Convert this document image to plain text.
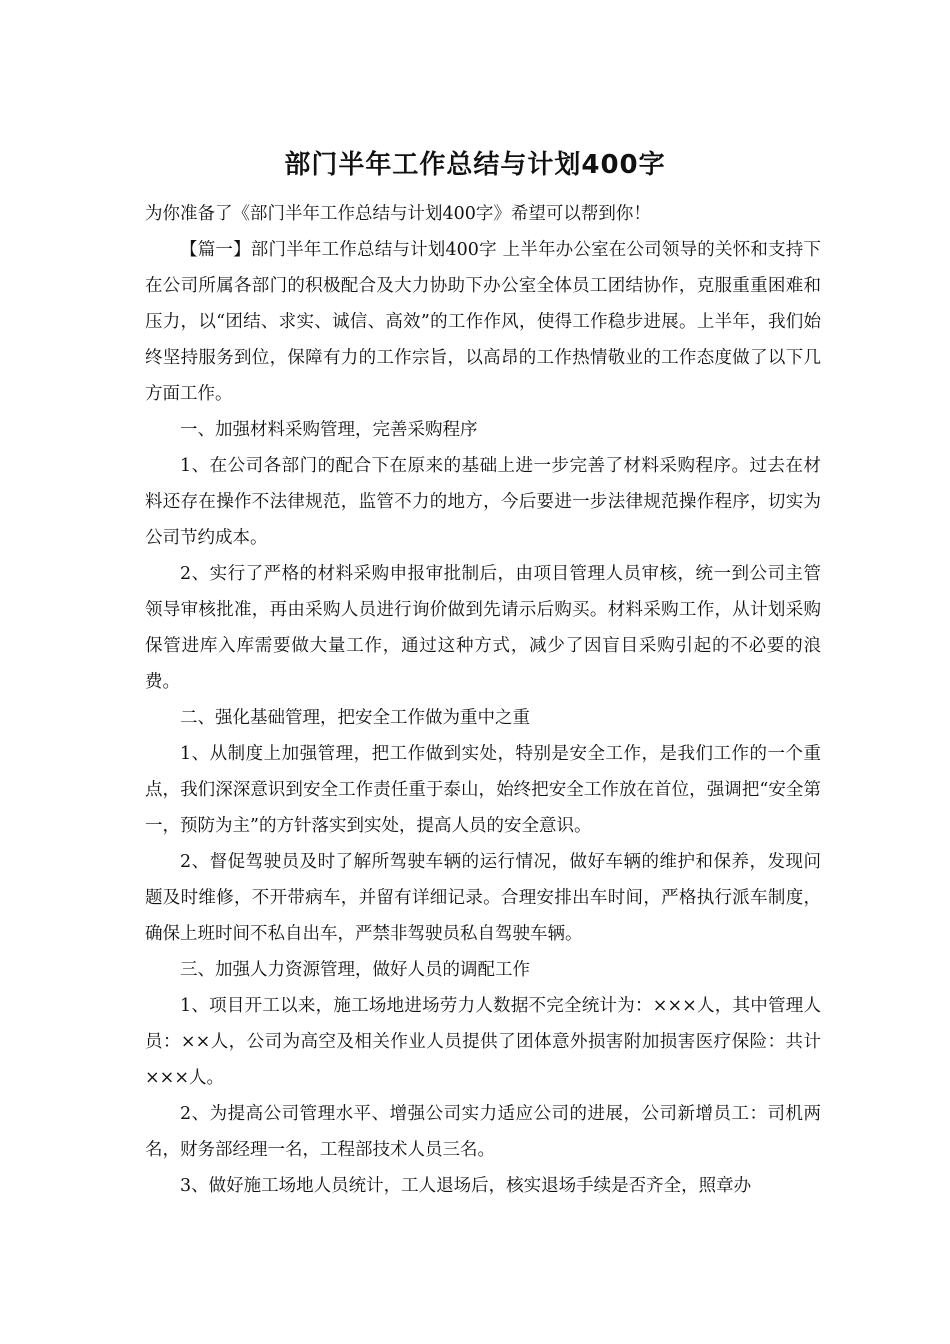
部门半年工作总结与计划400字

为你准备了《部门半年工作总结与计划400字》希望可以帮到你！

【篇一】部门半年工作总结与计划400字 上半年办公室在公司领导的关怀和支持下在公司所属各部门的积极配合及大力协助下办公室全体员工团结协作，克服重重困难和压力，以“团结、求实、诚信、高效”的工作作风，使得工作稳步进展。上半年，我们始终坚持服务到位，保障有力的工作宗旨，以高昂的工作热情敬业的工作态度做了以下几方面工作。

一、加强材料采购管理，完善采购程序

1、在公司各部门的配合下在原来的基础上进一步完善了材料采购程序。过去在材料还存在操作不法律规范，监管不力的地方，今后要进一步法律规范操作程序，切实为公司节约成本。

2、实行了严格的材料采购申报审批制后，由项目管理人员审核，统一到公司主管领导审核批准，再由采购人员进行询价做到先请示后购买。材料采购工作，从计划采购保管进库入库需要做大量工作，通过这种方式，减少了因盲目采购引起的不必要的浪费。

二、强化基础管理，把安全工作做为重中之重

1、从制度上加强管理，把工作做到实处，特别是安全工作，是我们工作的一个重点，我们深深意识到安全工作责任重于泰山，始终把安全工作放在首位，强调把“安全第一，预防为主”的方针落实到实处，提高人员的安全意识。

2、督促驾驶员及时了解所驾驶车辆的运行情况，做好车辆的维护和保养，发现问题及时维修，不开带病车，并留有详细记录。合理安排出车时间，严格执行派车制度，确保上班时间不私自出车，严禁非驾驶员私自驾驶车辆。

三、加强人力资源管理，做好人员的调配工作

1、项目开工以来，施工场地进场劳力人数据不完全统计为：×××人，其中管理人员：××人，公司为高空及相关作业人员提供了团体意外损害附加损害医疗保险：共计×××人。

2、为提高公司管理水平、增强公司实力适应公司的进展，公司新增员工：司机两名，财务部经理一名，工程部技术人员三名。

3、做好施工场地人员统计，工人退场后，核实退场手续是否齐全，照章办
